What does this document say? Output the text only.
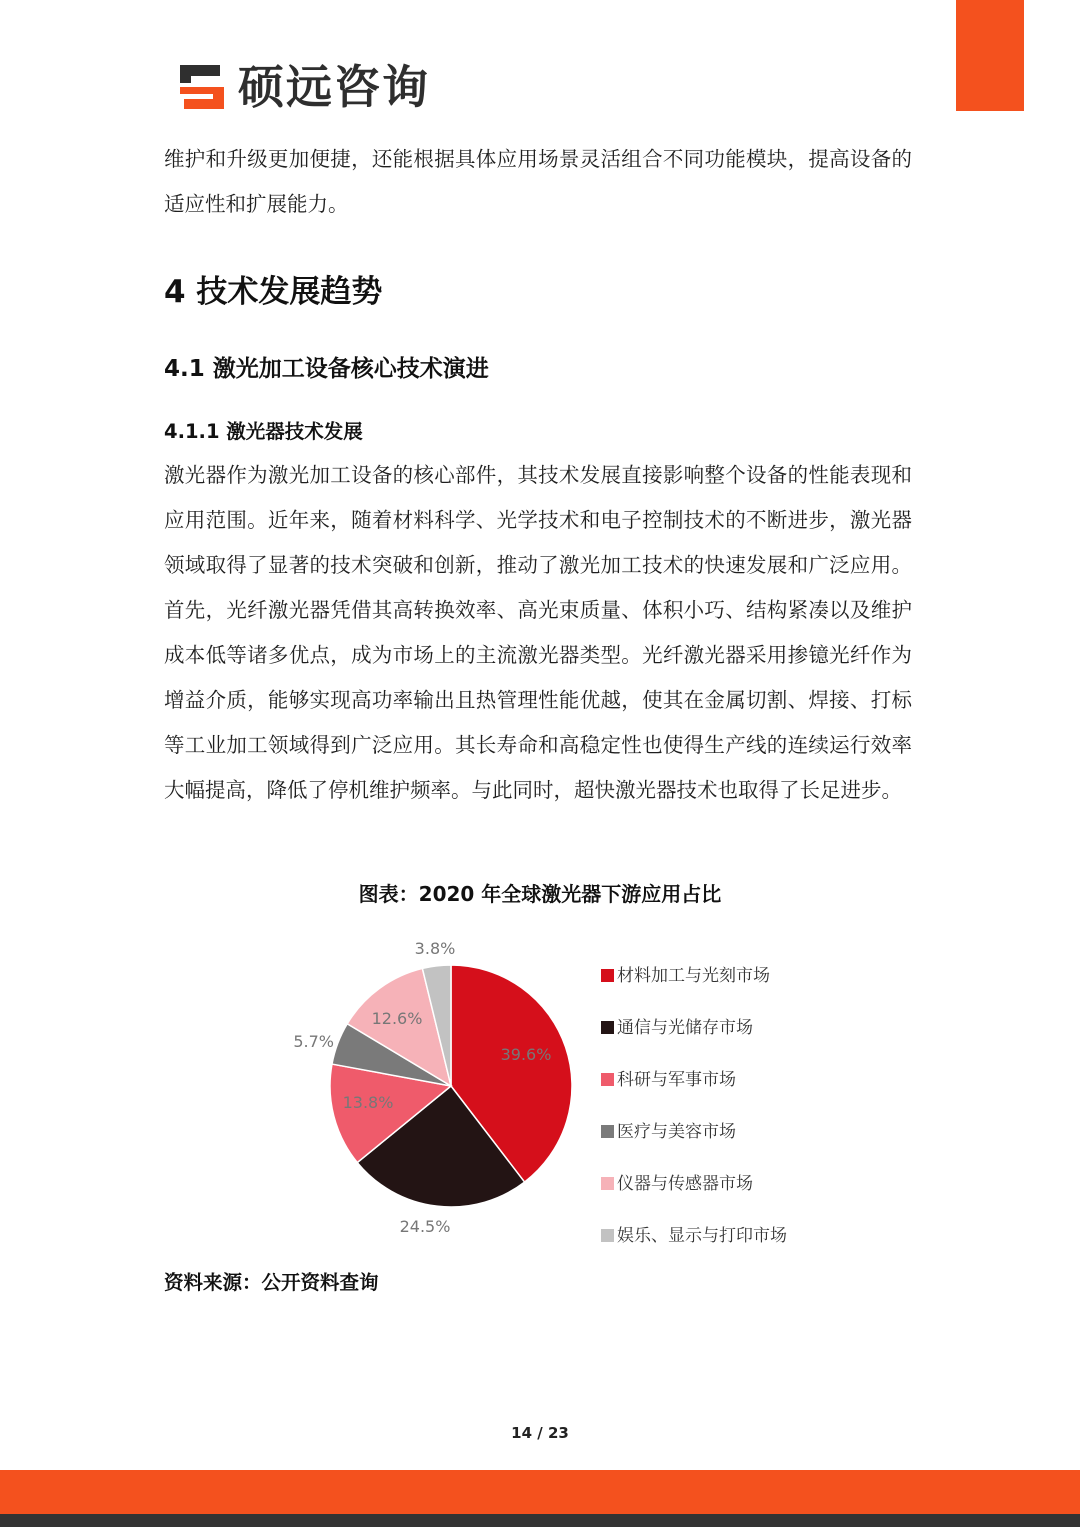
硕远咨询

维护和升级更加便捷，还能根据具体应用场景灵活组合不同功能模块，提高设备的适应性和扩展能力。

4 技术发展趋势
4.1 激光加工设备核心技术演进
4.1.1 激光器技术发展

激光器作为激光加工设备的核心部件，其技术发展直接影响整个设备的性能表现和应用范围。近年来，随着材料科学、光学技术和电子控制技术的不断进步，激光器领域取得了显著的技术突破和创新，推动了激光加工技术的快速发展和广泛应用。首先，光纤激光器凭借其高转换效率、高光束质量、体积小巧、结构紧凑以及维护成本低等诸多优点，成为市场上的主流激光器类型。光纤激光器采用掺镱光纤作为增益介质，能够实现高功率输出且热管理性能优越，使其在金属切割、焊接、打标等工业加工领域得到广泛应用。其长寿命和高稳定性也使得生产线的连续运行效率大幅提高，降低了停机维护频率。与此同时，超快激光器技术也取得了长足进步。

图表：2020 年全球激光器下游应用占比
39.6%
24.5%
13.8%
5.7%
12.6%
3.8%
材料加工与光刻市场
通信与光储存市场
科研与军事市场
医疗与美容市场
仪器与传感器市场
娱乐、显示与打印市场

资料来源：公开资料查询

14 / 23
